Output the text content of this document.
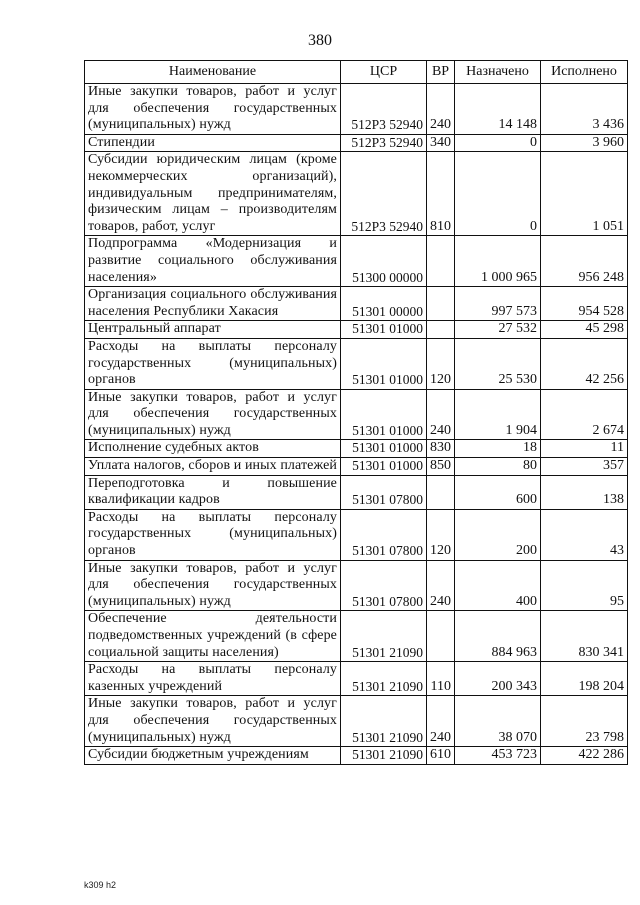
380
Наименование	ЦСР	ВР	Назначено	Исполнено
Иные закупки товаров, работ и услуг для обеспечения государственных (муниципальных) нужд	512Р3 52940	240	14 148	3 436
Стипендии	512Р3 52940	340	0	3 960
Субсидии юридическим лицам (кроме некоммерческих организаций), индивидуальным предпринимателям, физическим лицам – производителям товаров, работ, услуг	512Р3 52940	810	0	1 051
Подпрограмма «Модернизация и развитие социального обслуживания населения»	51300 00000		1 000 965	956 248
Организация социального обслуживания населения Республики Хакасия	51301 00000		997 573	954 528
Центральный аппарат	51301 01000		27 532	45 298
Расходы на выплаты персоналу государственных (муниципальных) органов	51301 01000	120	25 530	42 256
Иные закупки товаров, работ и услуг для обеспечения государственных (муниципальных) нужд	51301 01000	240	1 904	2 674
Исполнение судебных актов	51301 01000	830	18	11
Уплата налогов, сборов и иных платежей	51301 01000	850	80	357
Переподготовка и повышение квалификации кадров	51301 07800		600	138
Расходы на выплаты персоналу государственных (муниципальных) органов	51301 07800	120	200	43
Иные закупки товаров, работ и услуг для обеспечения государственных (муниципальных) нужд	51301 07800	240	400	95
Обеспечение деятельности подведомственных учреждений (в сфере социальной защиты населения)	51301 21090		884 963	830 341
Расходы на выплаты персоналу казенных учреждений	51301 21090	110	200 343	198 204
Иные закупки товаров, работ и услуг для обеспечения государственных (муниципальных) нужд	51301 21090	240	38 070	23 798
Субсидии бюджетным учреждениям	51301 21090	610	453 723	422 286
k309 h2
